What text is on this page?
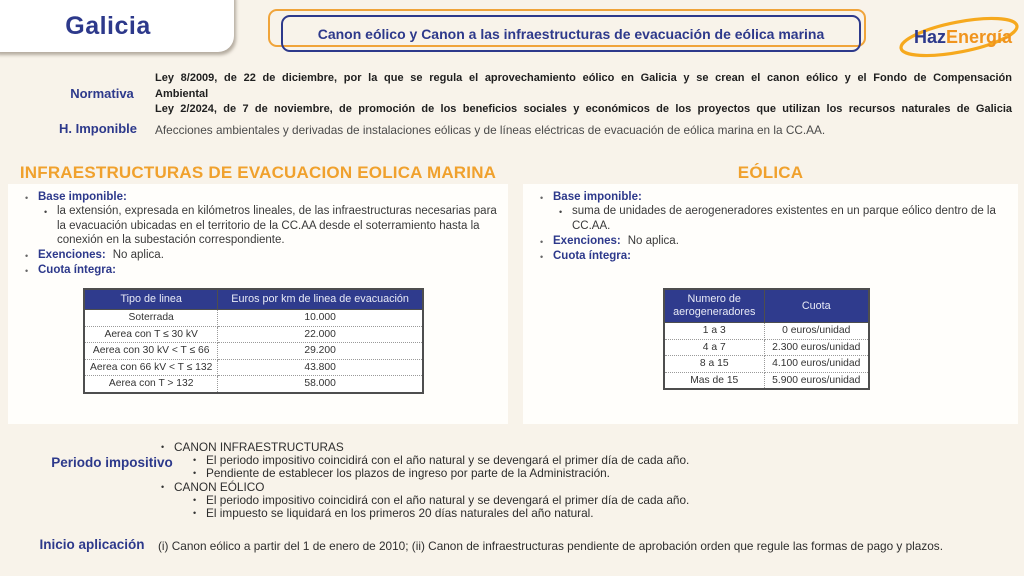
Galicia	Canon eólico y Canon a las infraestructuras de evacuación de eólica marina	HazEnergía
Normativa
Ley 8/2009, de 22 de diciembre, por la que se regula el aprovechamiento eólico en Galicia y se crean el canon eólico y el Fondo de Compensación
Ambiental
Ley 2/2024, de 7 de noviembre, de promoción de los beneficios sociales y económicos de los proyectos que utilizan los recursos naturales de Galicia
H. Imponible	Afecciones ambientales y derivadas de instalaciones eólicas y de líneas eléctricas de evacuación de eólica marina en la CC.AA.
INFRAESTRUCTURAS DE EVACUACION EOLICA MARINA	EÓLICA
• Base imponible:
• la extensión, expresada en kilómetros lineales, de las infraestructuras necesarias para la evacuación ubicadas en el territorio de la CC.AA desde el soterramiento hasta la conexión en la subestación correspondiente.
• Exenciones: No aplica.
• Cuota íntegra:
Tipo de linea	Euros por km de linea de evacuación
Soterrada	10.000
Aerea con T ≤ 30 kV	22.000
Aerea con 30 kV < T ≤ 66	29.200
Aerea con 66 kV < T ≤ 132	43.800
Aerea con T > 132	58.000
• Base imponible:
• suma de unidades de aerogeneradores existentes en un parque eólico dentro de la CC.AA.
• Exenciones: No aplica.
• Cuota íntegra:
Numero de aerogeneradores	Cuota
1 a 3	0 euros/unidad
4 a 7	2.300 euros/unidad
8 a 15	4.100 euros/unidad
Mas de 15	5.900 euros/unidad
Periodo impositivo
• CANON INFRAESTRUCTURAS
• El periodo impositivo coincidirá con el año natural y se devengará el primer día de cada año.
• Pendiente de establecer los plazos de ingreso por parte de la Administración.
• CANON EÓLICO
• El periodo impositivo coincidirá con el año natural y se devengará el primer día de cada año.
• El impuesto se liquidará en los primeros 20 días naturales del año natural.
Inicio aplicación	(i) Canon eólico a partir del 1 de enero de 2010; (ii) Canon de infraestructuras pendiente de aprobación orden que regule las formas de pago y plazos.
